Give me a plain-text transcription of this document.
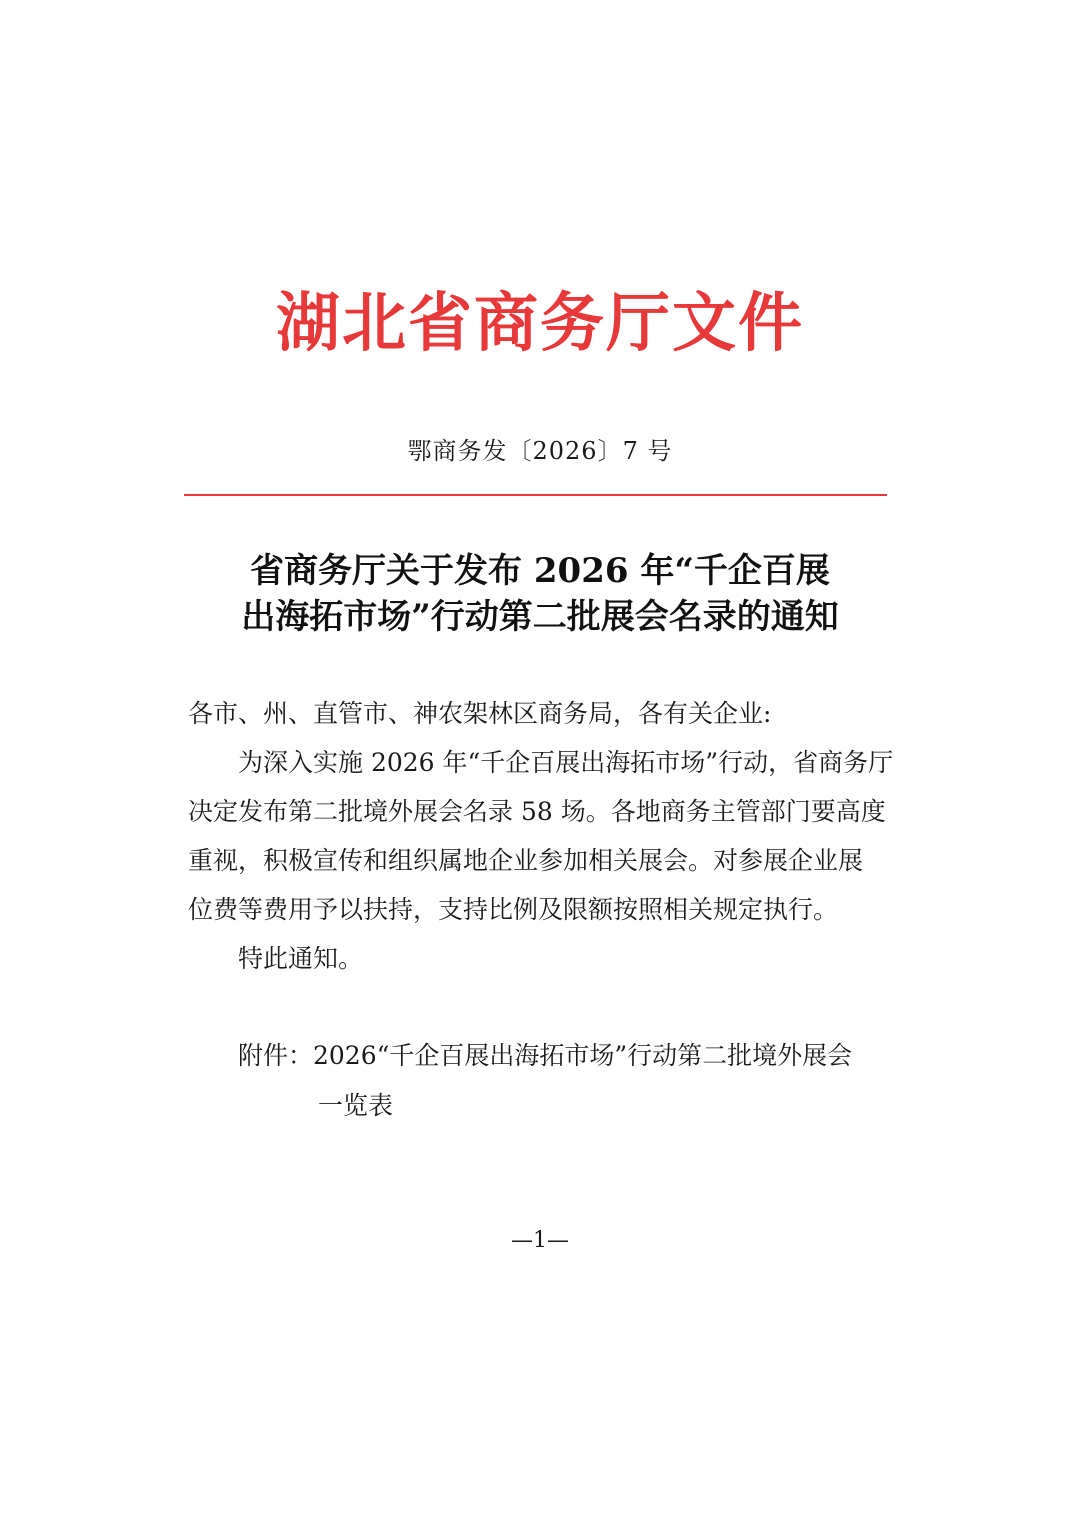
湖北省商务厅文件
鄂商务发〔2026〕7 号
省商务厅关于发布 2026 年“千企百展
出海拓市场”行动第二批展会名录的通知
各市、州、直管市、神农架林区商务局，各有关企业:
为深入实施 2026 年“千企百展出海拓市场”行动，省商务厅
决定发布第二批境外展会名录 58 场。各地商务主管部门要高度
重视，积极宣传和组织属地企业参加相关展会。对参展企业展
位费等费用予以扶持，支持比例及限额按照相关规定执行。
特此通知。
附件：2026“千企百展出海拓市场”行动第二批境外展会
一览表
—1—
